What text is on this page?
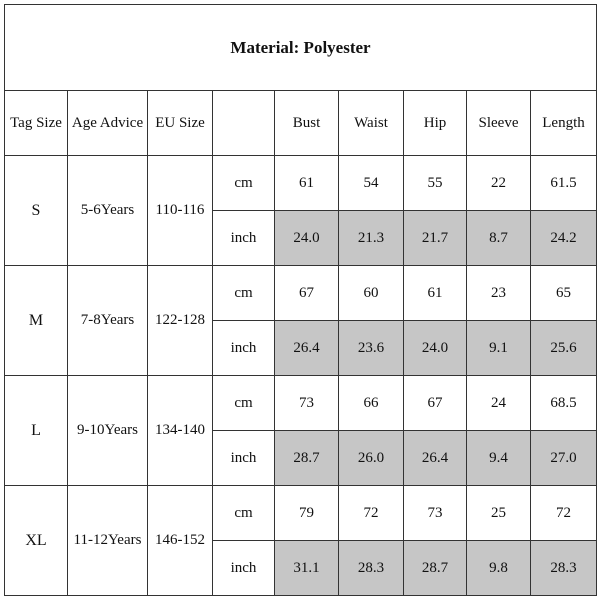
Material: Polyester								
Tag Size	Age Advice	EU Size		Bust	Waist	Hip	Sleeve	Length
S	5-6Years	110-116	cm	61	54	55	22	61.5
			inch	24.0	21.3	21.7	8.7	24.2
M	7-8Years	122-128	cm	67	60	61	23	65
			inch	26.4	23.6	24.0	9.1	25.6
L	9-10Years	134-140	cm	73	66	67	24	68.5
			inch	28.7	26.0	26.4	9.4	27.0
XL	11-12Years	146-152	cm	79	72	73	25	72
			inch	31.1	28.3	28.7	9.8	28.3
